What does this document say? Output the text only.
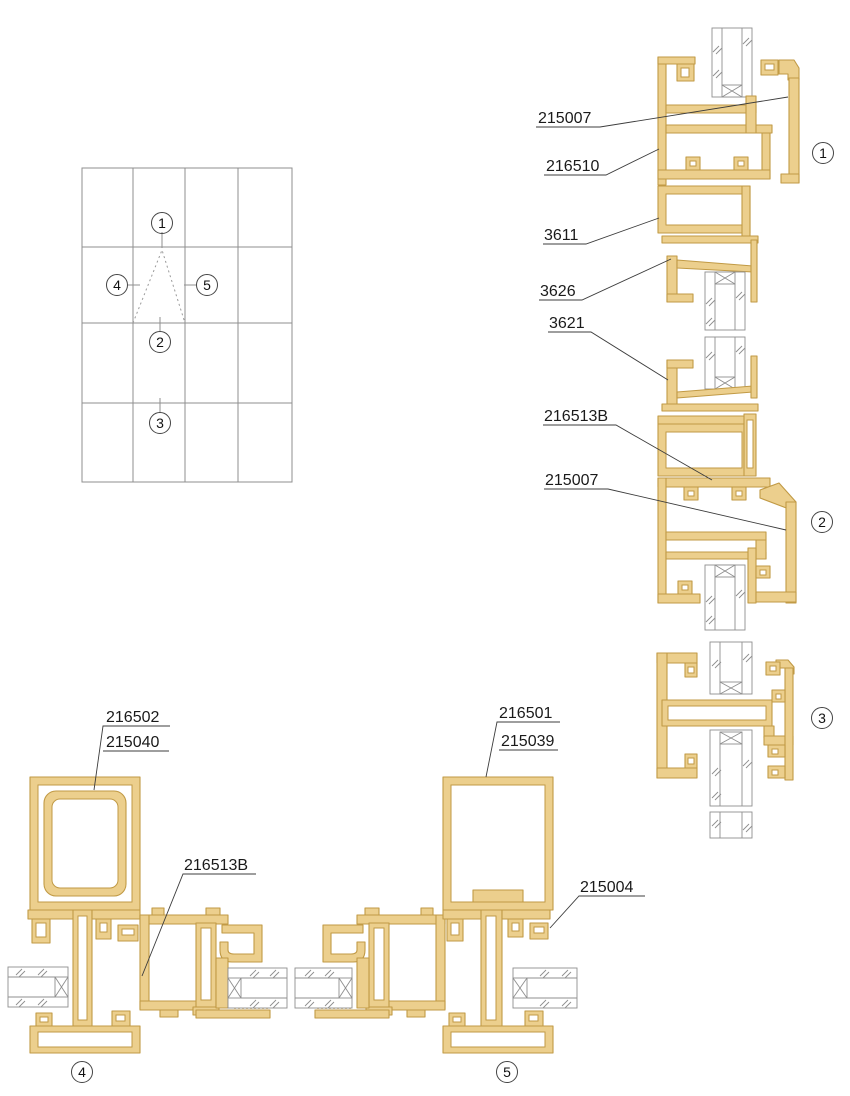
215007
216510
3611
3626
3621
216513B
215007
216502
215040
216513B
216501
215039
215004
1
4	5
2
3
1
2
3
4	5
